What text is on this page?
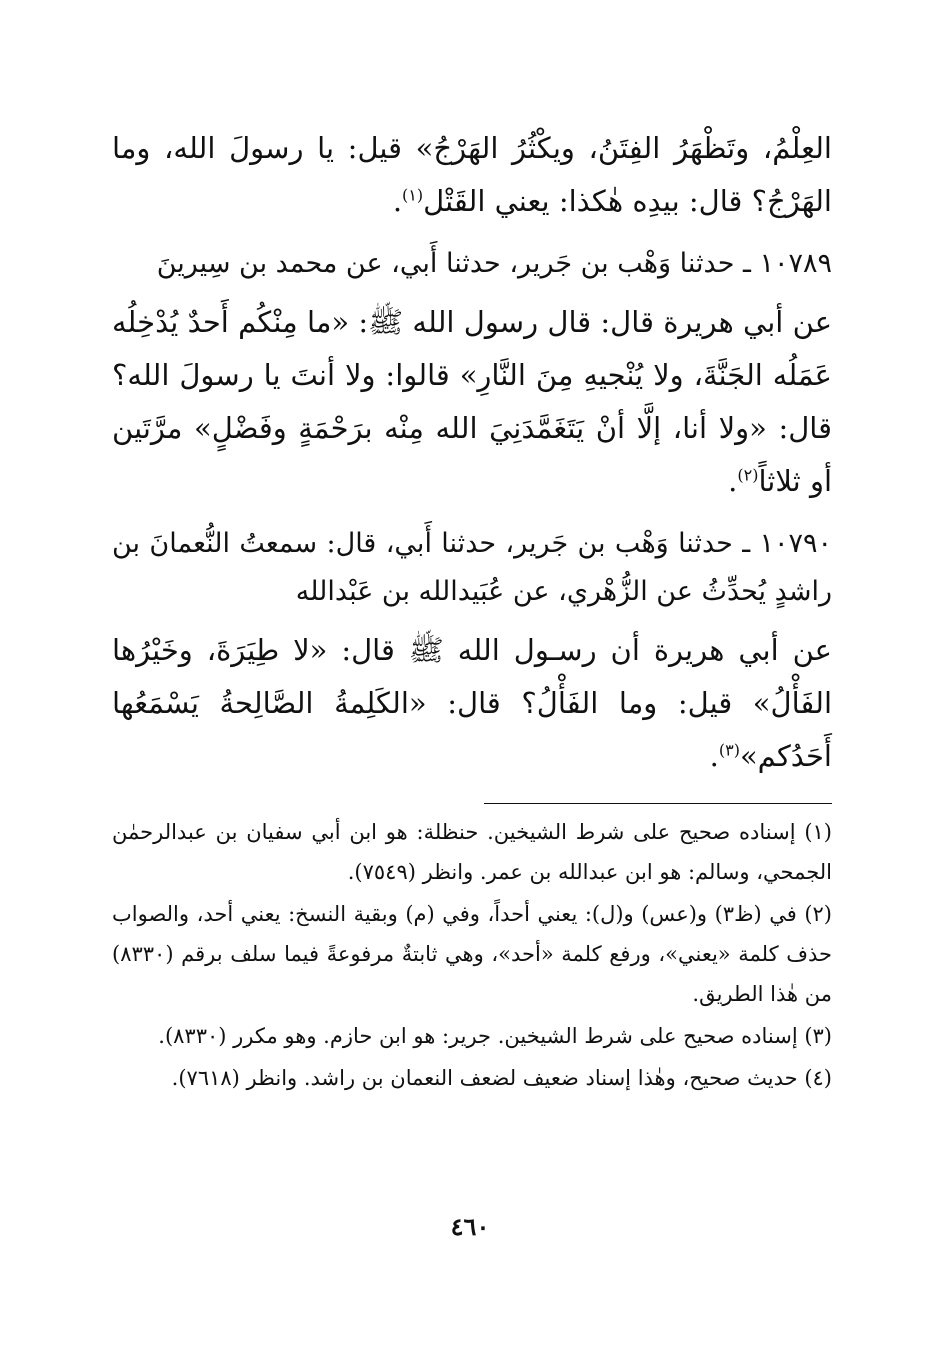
العِلْمُ، وتَظْهَرُ الفِتَنُ، ويكْثُرُ الهَرْجُ» قيل: يا رسولَ الله، وما الهَرْجُ؟ قال: بيدِه هٰكذا: يعني القَتْل$^{(١)}$.

١٠٧٨٩ ـ حدثنا وَهْب بن جَرير، حدثنا أَبي، عن محمد بن سِيرينَ

عن أبي هريرة قال: قال رسول الله ﷺ: «ما مِنْكُم أَحدٌ يُدْخِلُه عَمَلُه الجَنَّةَ، ولا يُنْجيهِ مِنَ النَّارِ» قالوا: ولا أنتَ يا رسولَ الله؟ قال: «ولا أنا، إلَّا أنْ يَتَغَمَّدَنِيَ الله مِنْه برَحْمَةٍ وفَضْلٍ» مرَّتَين أو ثلاثاً$^{(٢)}$.

١٠٧٩٠ ـ حدثنا وَهْب بن جَرير، حدثنا أَبي، قال: سمعتُ النُّعمانَ بن راشدٍ يُحدِّثُ عن الزُّهْري، عن عُبَيدالله بن عَبْدالله

عن أبي هريرة أن رسـول الله ﷺ قال: «لا طِيَرَةَ، وخَيْرُها الفَأْلُ» قيل: وما الفَأْلُ؟ قال: «الكَلِمةُ الصَّالِحةُ يَسْمَعُها أَحَدُكم»$^{(٣)}$.

(١) إسناده صحيح على شرط الشيخين. حنظلة: هو ابن أبي سفيان بن عبدالرحمٰن الجمحي، وسالم: هو ابن عبدالله بن عمر. وانظر (٧٥٤٩).

(٢) في (ظ٣) و(عس) و(ل): يعني أحداً، وفي (م) وبقية النسخ: يعني أحد، والصواب حذف كلمة «يعني»، ورفع كلمة «أحد»، وهي ثابتةٌ مرفوعةً فيما سلف برقم (٨٣٣٠) من هٰذا الطريق.

(٣) إسناده صحيح على شرط الشيخين. جرير: هو ابن حازم. وهو مكرر (٨٣٣٠).

(٤) حديث صحيح، وهٰذا إسناد ضعيف لضعف النعمان بن راشد. وانظر (٧٦١٨).

٤٦٠
